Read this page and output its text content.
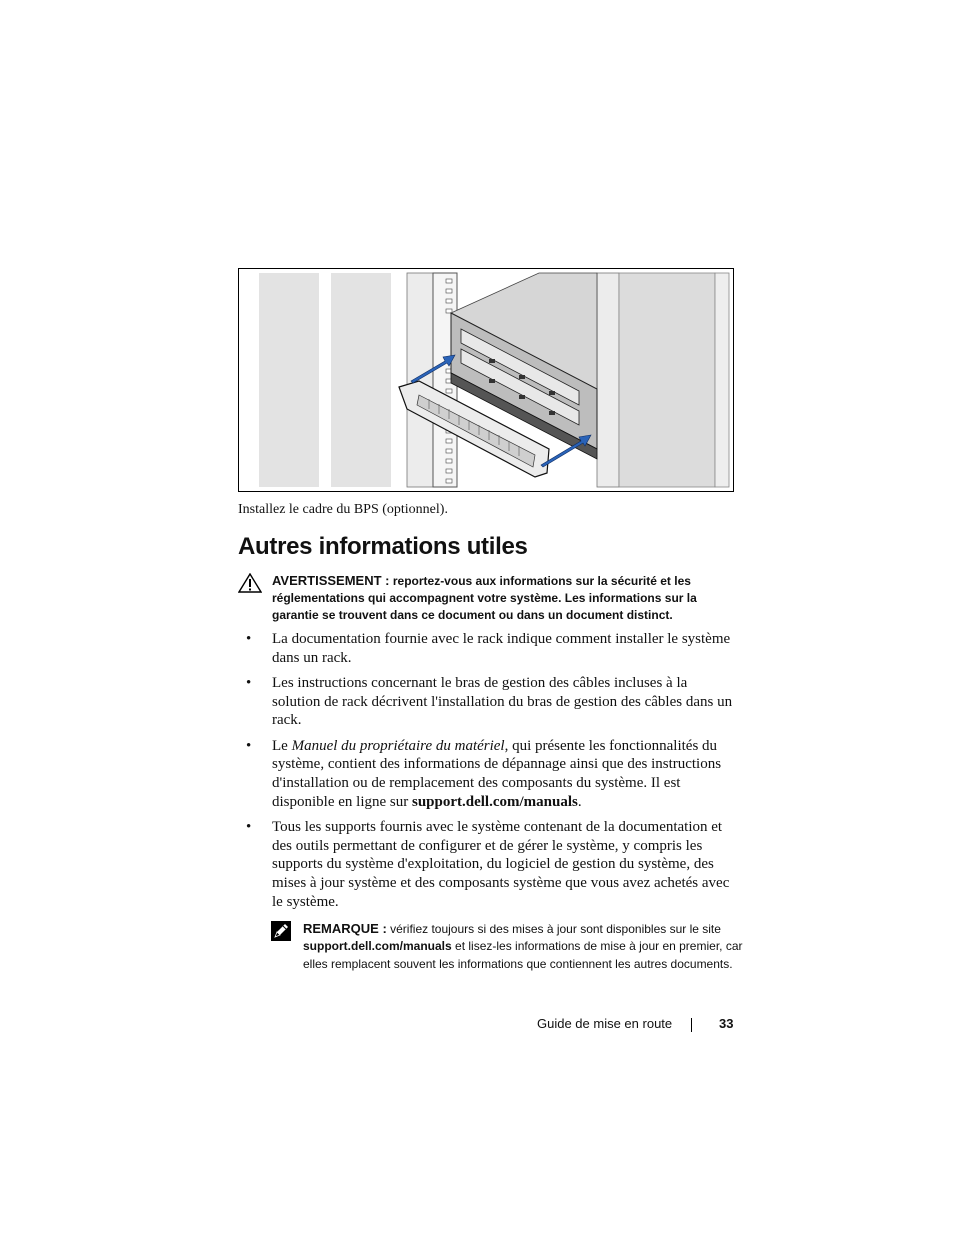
Installez le cadre du BPS (optionnel).
Autres informations utiles
AVERTISSEMENT : reportez-vous aux informations sur la sécurité et les réglementations qui accompagnent votre système. Les informations sur la garantie se trouvent dans ce document ou dans un document distinct.
• La documentation fournie avec le rack indique comment installer le système dans un rack.
• Les instructions concernant le bras de gestion des câbles incluses à la solution de rack décrivent l'installation du bras de gestion des câbles dans un rack.
• Le Manuel du propriétaire du matériel, qui présente les fonctionnalités du système, contient des informations de dépannage ainsi que des instructions d'installation ou de remplacement des composants du système. Il est disponible en ligne sur support.dell.com/manuals.
• Tous les supports fournis avec le système contenant de la documentation et des outils permettant de configurer et de gérer le système, y compris les supports du système d'exploitation, du logiciel de gestion du système, des mises à jour système et des composants système que vous avez achetés avec le système.
REMARQUE : vérifiez toujours si des mises à jour sont disponibles sur le site support.dell.com/manuals et lisez-les informations de mise à jour en premier, car elles remplacent souvent les informations que contiennent les autres documents.
Guide de mise en route	33
